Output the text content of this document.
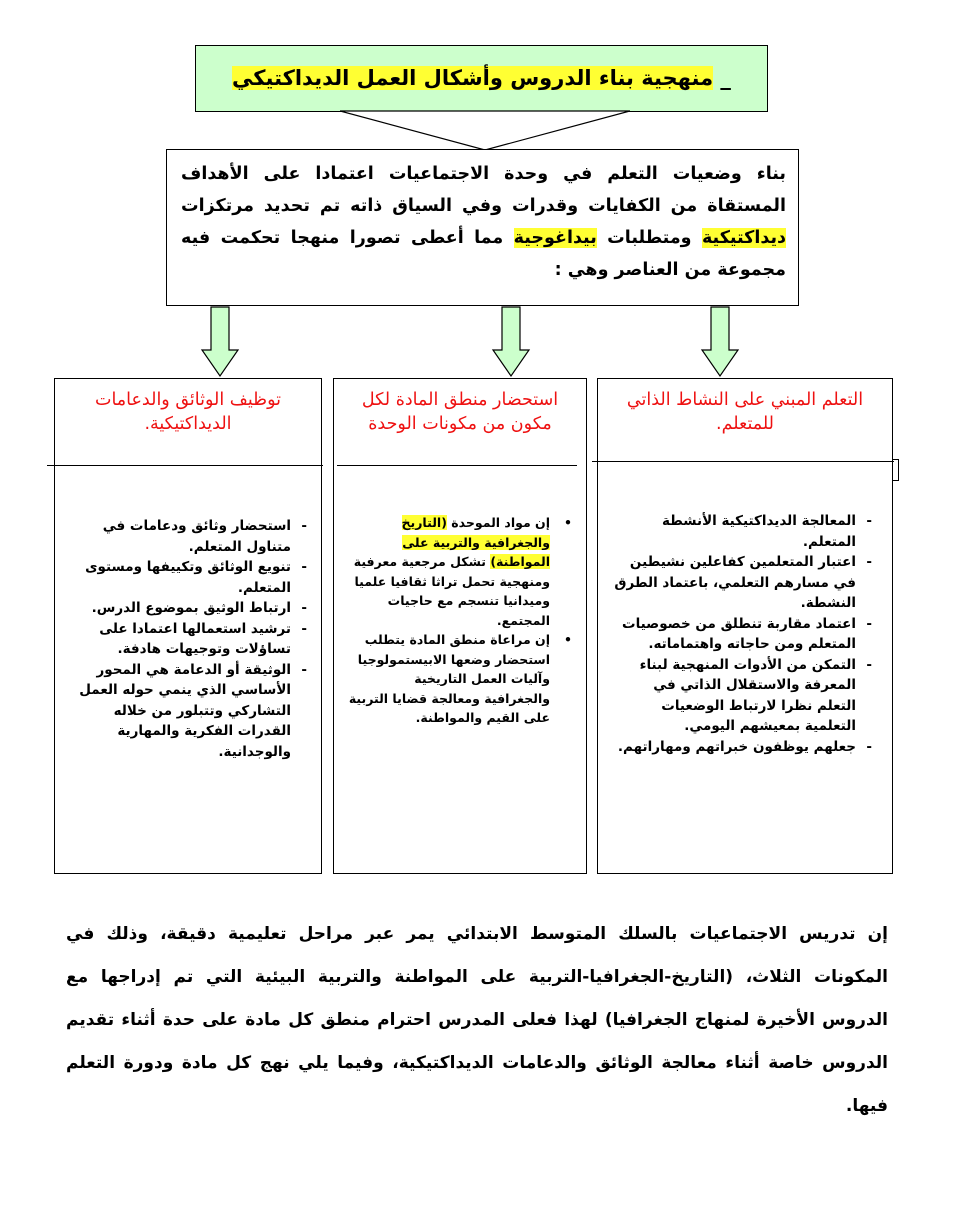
_ منهجية بناء الدروس وأشكال العمل الديداكتيكي
بناء وضعيات التعلم في وحدة الاجتماعيات اعتمادا على الأهداف المستقاة من الكفايات وقدرات وفي السياق ذاته تم تحديد مرتكزات ديداكتيكية ومتطلبات بيداغوجية مما أعطى تصورا منهجا تحكمت فيه مجموعة من العناصر وهي :
توظيف الوثائق والدعامات الديداكتيكية.
-
استحضار وثائق ودعامات في متناول المتعلم.
-
تنويع الوثائق وتكييفها ومستوى المتعلم.
-
ارتباط الوثيق بموضوع الدرس.
-
ترشيد استعمالها اعتمادا على تساؤلات وتوجيهات هادفة.
-
الوثيقة أو الدعامة هي المحور الأساسي الذي ينمي حوله العمل التشاركي وتتبلور من خلاله القدرات الفكرية والمهارية والوجدانية.
استحضار منطق المادة لكل مكون من مكونات الوحدة
•
إن مواد الموحدة (التاريخ والجغرافية والتربية على المواطنة) تشكل مرجعية معرفية ومنهجية تحمل تراثا ثقافيا علميا وميدانيا تنسجم مع حاجيات المجتمع.
•
إن مراعاة منطق المادة يتطلب استحضار وضعها الابيستمولوجيا وآليات العمل التاريخية والجغرافية ومعالجة قضايا التربية على القيم والمواطنة.
التعلم المبني على النشاط الذاتي للمتعلم.
-
المعالجة الديداكتيكية الأنشطة المتعلم.
-
اعتبار المتعلمين كفاعلين نشيطين في مسارهم التعلمي، باعتماد الطرق النشطة.
-
اعتماد مقاربة تنطلق من خصوصيات المتعلم ومن حاجاته واهتماماته.
-
التمكن من الأدوات المنهجية لبناء المعرفة والاستقلال الذاتي في التعلم نظرا لارتباط الوضعيات التعلمية بمعيشهم اليومي.
-
جعلهم يوظفون خبراتهم ومهاراتهم.
إن تدريس الاجتماعيات بالسلك المتوسط الابتدائي يمر عبر مراحل تعليمية دقيقة، وذلك في المكونات الثلاث، (التاريخ-الجغرافيا-التربية على المواطنة والتربية البيئية التي تم إدراجها مع الدروس الأخيرة لمنهاج الجغرافيا) لهذا فعلى المدرس احترام منطق كل مادة على حدة أثناء تقديم الدروس خاصة أثناء معالجة الوثائق والدعامات الديداكتيكية، وفيما يلي نهج كل مادة ودورة التعلم فيها.
